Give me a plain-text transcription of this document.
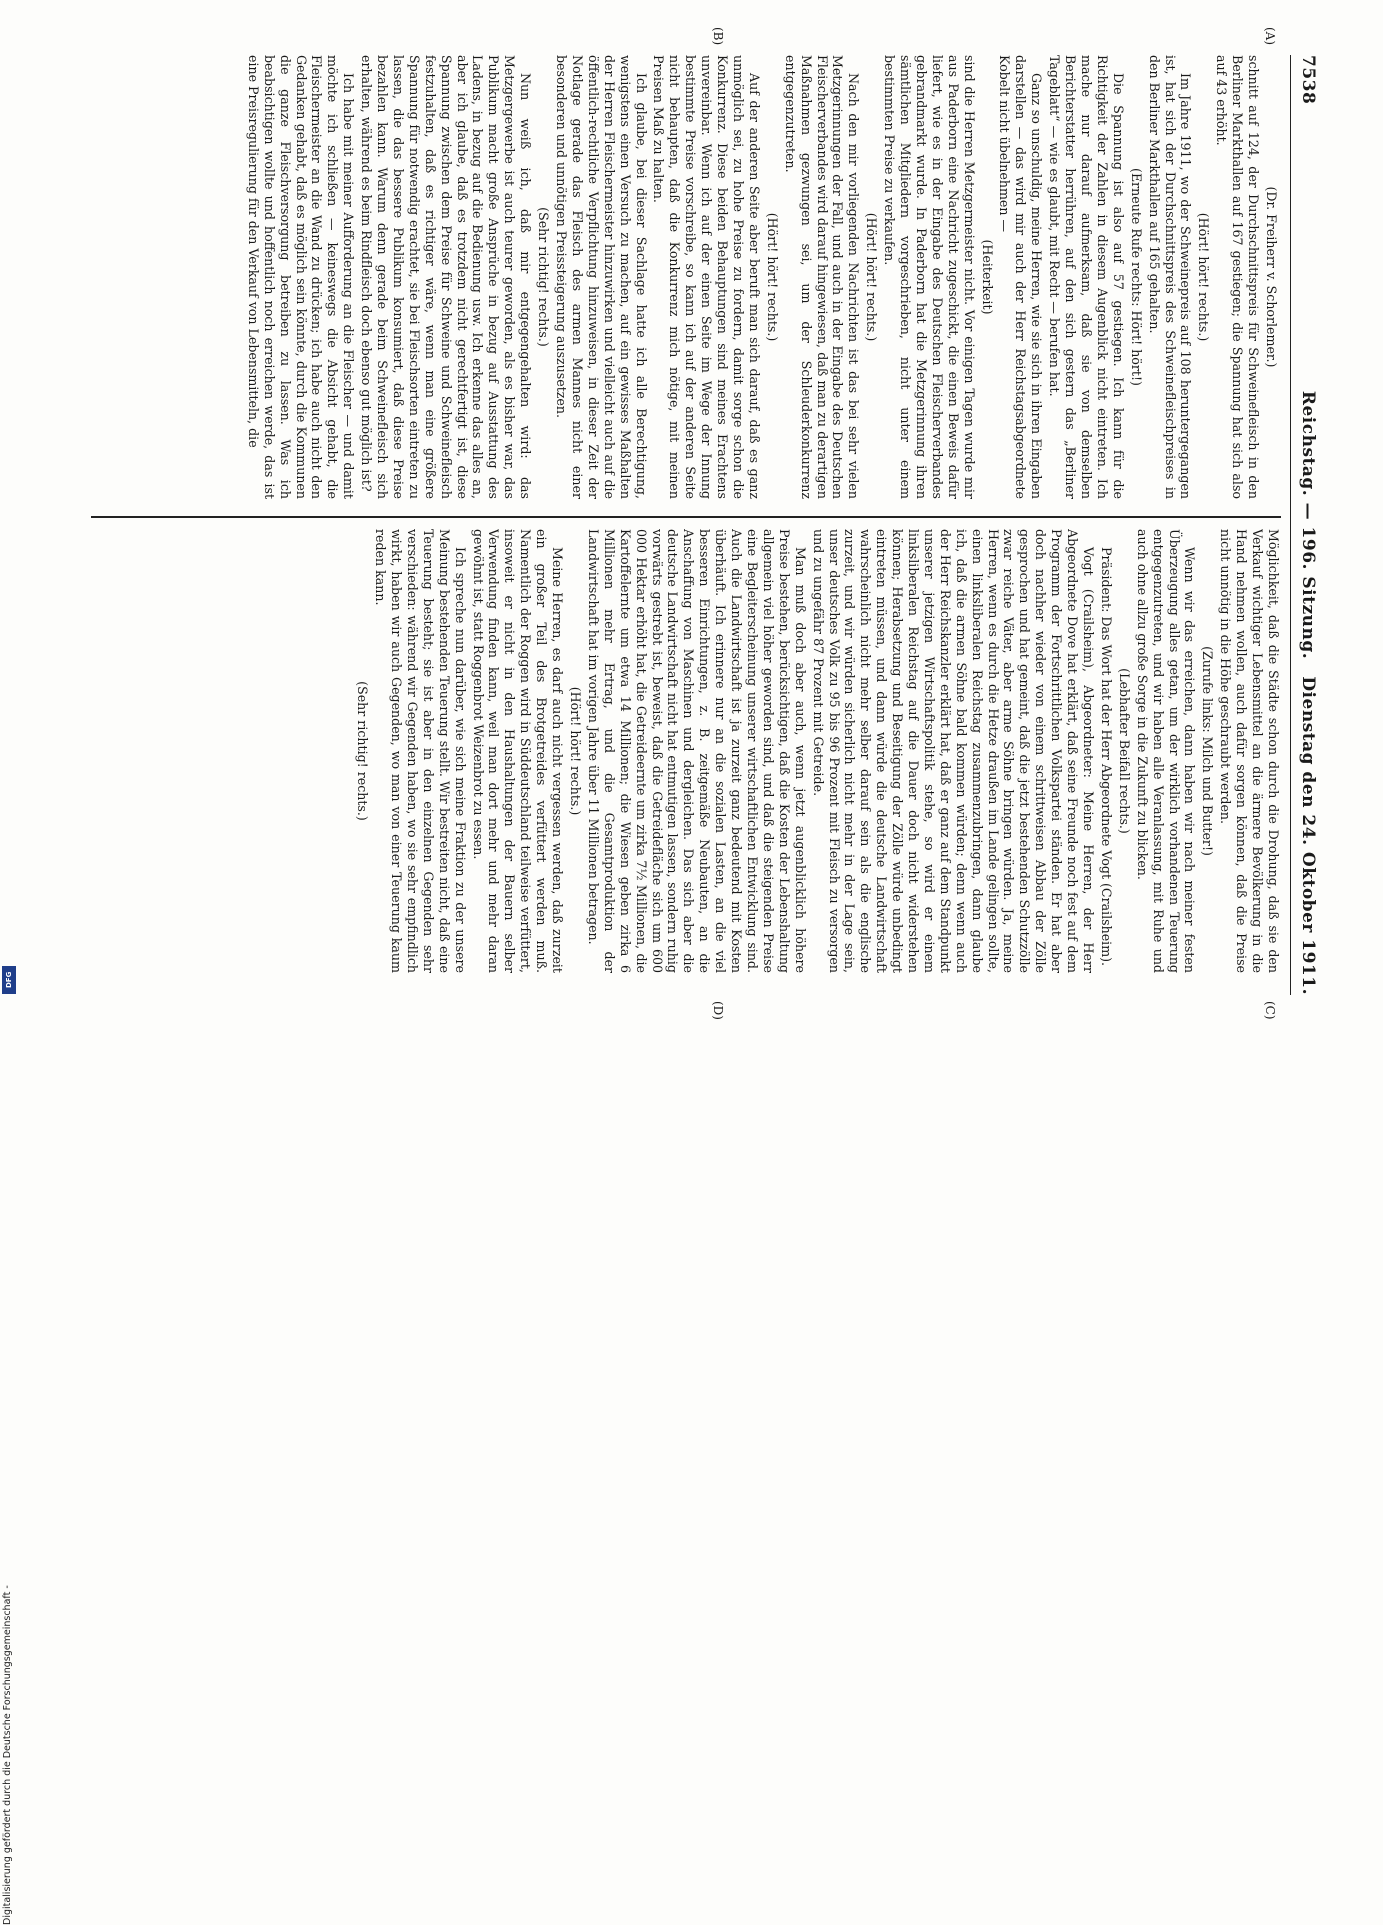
7538
Reichstag. — 196. Sitzung.
Dienstag den 24. Oktober 1911.
(A)
(B)
(C)
(D)

(Dr. Freiherr v. Schorlemer.)

schnitt auf 124, der Durchschnittspreis für Schweinefleisch in den Berliner Markthallen auf 167 gestiegen; die Spannung hat sich also auf 43 erhöht.

(Hört! hört! rechts.)

Im Jahre 1911, wo der Schweinepreis auf 108 heruntergegangen ist, hat sich der Durchschnittspreis des Schweinefleischpreises in den Berliner Markthallen auf 165 gehalten.

(Erneute Rufe rechts: Hört! hört!)

Die Spannung ist also auf 57 gestiegen. Ich kann für die Richtigkeit der Zahlen in diesem Augenblick nicht eintreten. Ich mache nur darauf aufmerksam, daß sie von demselben Berichterstatter herrühren, auf den sich gestern das „Berliner Tageblatt“ — wie es glaubt, mit Recht — berufen hat.

Ganz so unschuldig, meine Herren, wie sie sich in ihren Eingaben darstellen — das wird mir auch der Herr Reichstagsabgeordnete Kobelt nicht übelnehmen —

(Heiterkeit)

sind die Herren Metzgermeister nicht. Vor einigen Tagen wurde mir aus Paderborn eine Nachricht zugeschickt, die einen Beweis dafür liefert, wie es in der Eingabe des Deutschen Fleischerverbandes gebrandmarkt wurde. In Paderborn hat die Metzgerinnung ihren sämtlichen Mitgliedern vorgeschrieben, nicht unter einem bestimmten Preise zu verkaufen.

(Hört! hört! rechts.)

Nach den mir vorliegenden Nachrichten ist das bei sehr vielen Metzgerinnungen der Fall, und auch in der Eingabe des Deutschen Fleischerverbandes wird darauf hingewiesen, daß man zu derartigen Maßnahmen gezwungen sei, um der Schleuderkonkurrenz entgegenzutreten.

(Hört! hört! rechts.)

Auf der anderen Seite aber beruft man sich darauf, daß es ganz unmöglich sei, zu hohe Preise zu fordern, damit sorge schon die Konkurrenz. Diese beiden Behauptungen sind meines Erachtens unvereinbar. Wenn ich auf der einen Seite im Wege der Innung bestimmte Preise vorschreibe, so kann ich auf der anderen Seite nicht behaupten, daß die Konkurrenz mich nötige, mit meinen Preisen Maß zu halten.

Ich glaube, bei dieser Sachlage hatte ich alle Berechtigung, wenigstens einen Versuch zu machen, auf ein gewisses Maßhalten der Herren Fleischermeister hinzuwirken und vielleicht auch auf die öffentlich-rechtliche Verpflichtung hinzuweisen, in dieser Zeit der Notlage gerade das Fleisch des armen Mannes nicht einer besonderen und unnötigen Preissteigerung auszusetzen.

(Sehr richtig! rechts.)

Nun weiß ich, daß mir entgegengehalten wird: das Metzgergewerbe ist auch teurer geworden, als es bisher war, das Publikum macht große Ansprüche in bezug auf Ausstattung des Ladens, in bezug auf die Bedienung usw. Ich erkenne das alles an, aber ich glaube, daß es trotzdem nicht gerechtfertigt ist, diese Spannung zwischen dem Preise für Schweine und Schweinefleisch festzuhalten, daß es richtiger wäre, wenn man eine größere Spannung für notwendig erachtet, sie bei Fleischsorten eintreten zu lassen, die das bessere Publikum konsumiert, daß diese Preise bezahlen kann. Warum denn gerade beim Schweinefleisch sich erhalten, während es beim Rindfleisch doch ebenso gut möglich ist?

Ich habe mit meiner Aufforderung an die Fleischer — und damit möchte ich schließen — keineswegs die Absicht gehabt, die Fleischermeister an die Wand zu drücken; ich habe auch nicht den Gedanken gehabt, daß es möglich sein könnte, durch die Kommunen die ganze Fleischversorgung betreiben zu lassen. Was ich beabsichtigen wollte und hoffentlich noch erreichen werde, das ist eine Preisregulierung für den Verkauf von Lebensmitteln, die

Möglichkeit, daß die Städte schon durch die Drohung, daß sie den Verkauf wichtiger Lebensmittel an die ärmere Bevölkerung in die Hand nehmen wollen, auch dafür sorgen können, daß die Preise nicht unnötig in die Höhe geschraubt werden.

(Zurufe links: Milch und Butter!)

Wenn wir das erreichen, dann haben wir nach meiner festen Überzeugung alles getan, um der wirklich vorhandenen Teuerung entgegenzutreten, und wir haben alle Veranlassung, mit Ruhe und auch ohne allzu große Sorge in die Zukunft zu blicken.

(Lebhafter Beifall rechts.)

Präsident: Das Wort hat der Herr Abgeordnete Vogt (Crailsheim).

Vogt (Crailsheim), Abgeordneter: Meine Herren, der Herr Abgeordnete Dove hat erklärt, daß seine Freunde noch fest auf dem Programm der Fortschrittlichen Volkspartei ständen. Er hat aber doch nachher wieder von einem schrittweisen Abbau der Zölle gesprochen und hat gemeint, daß die jetzt bestehenden Schutzzölle zwar reiche Väter, aber arme Söhne bringen würden. Ja, meine Herren, wenn es durch die Hetze draußen im Lande gelingen sollte, einen linksliberalen Reichstag zusammenzubringen, dann glaube ich, daß die armen Söhne bald kommen würden; denn wenn auch der Herr Reichskanzler erklärt hat, daß er ganz auf dem Standpunkt unserer jetzigen Wirtschaftspolitik stehe, so wird er einem linksliberalen Reichstag auf die Dauer doch nicht widerstehen können; Herabsetzung und Beseitigung der Zölle würde unbedingt eintreten müssen, und dann würde die deutsche Landwirtschaft wahrscheinlich nicht mehr selber darauf sein als die englische zurzeit, und wir würden sicherlich nicht mehr in der Lage sein, unser deutsches Volk zu 95 bis 96 Prozent mit Fleisch zu versorgen und zu ungefähr 87 Prozent mit Getreide.

Man muß doch aber auch, wenn jetzt augenblicklich höhere Preise bestehen, berücksichtigen, daß die Kosten der Lebenshaltung allgemein viel höher geworden sind, und daß die steigenden Preise eine Begleiterscheinung unserer wirtschaftlichen Entwicklung sind. Auch die Landwirtschaft ist ja zurzeit ganz bedeutend mit Kosten überhäuft. Ich erinnere nur an die sozialen Lasten, an die viel besseren Einrichtungen, z. B. zeitgemäße Neubauten, an die Anschaffung von Maschinen und dergleichen. Das sich aber die deutsche Landwirtschaft nicht hat entmutigen lassen, sondern ruhig vorwärts gestrebt ist, beweist, daß die Getreidefläche sich um 600 000 Hektar erhöht hat, die Getreideernte um zirka 7½ Millionen, die Kartoffelernte um etwa 14 Millionen; die Wiesen geben zirka 6 Millionen mehr Ertrag, und die Gesamtproduktion der Landwirtschaft hat im vorigen Jahre über 11 Millionen betragen.

(Hört! hört! rechts.)

Meine Herren, es darf auch nicht vergessen werden, daß zurzeit ein großer Teil des Brotgetreides verfüttert werden muß. Namentlich der Roggen wird in Süddeutschland teilweise verfüttert, insoweit er nicht in den Haushaltungen der Bauern selber Verwendung finden kann, weil man dort mehr und mehr daran gewöhnt ist, statt Roggenbrot Weizenbrot zu essen.

Ich spreche nun darüber, wie sich meine Fraktion zu der unsere Meinung bestehenden Teuerung stellt. Wir bestreiten nicht, daß eine Teuerung besteht; sie ist aber in den einzelnen Gegenden sehr verschieden: während wir Gegenden haben, wo sie sehr empfindlich wirkt, haben wir auch Gegenden, wo man von einer Teuerung kaum reden kann.

(Sehr richtig! rechts.)

Digitalisierung gefördert durch die Deutsche Forschungsgemeinschaft -
DFG
